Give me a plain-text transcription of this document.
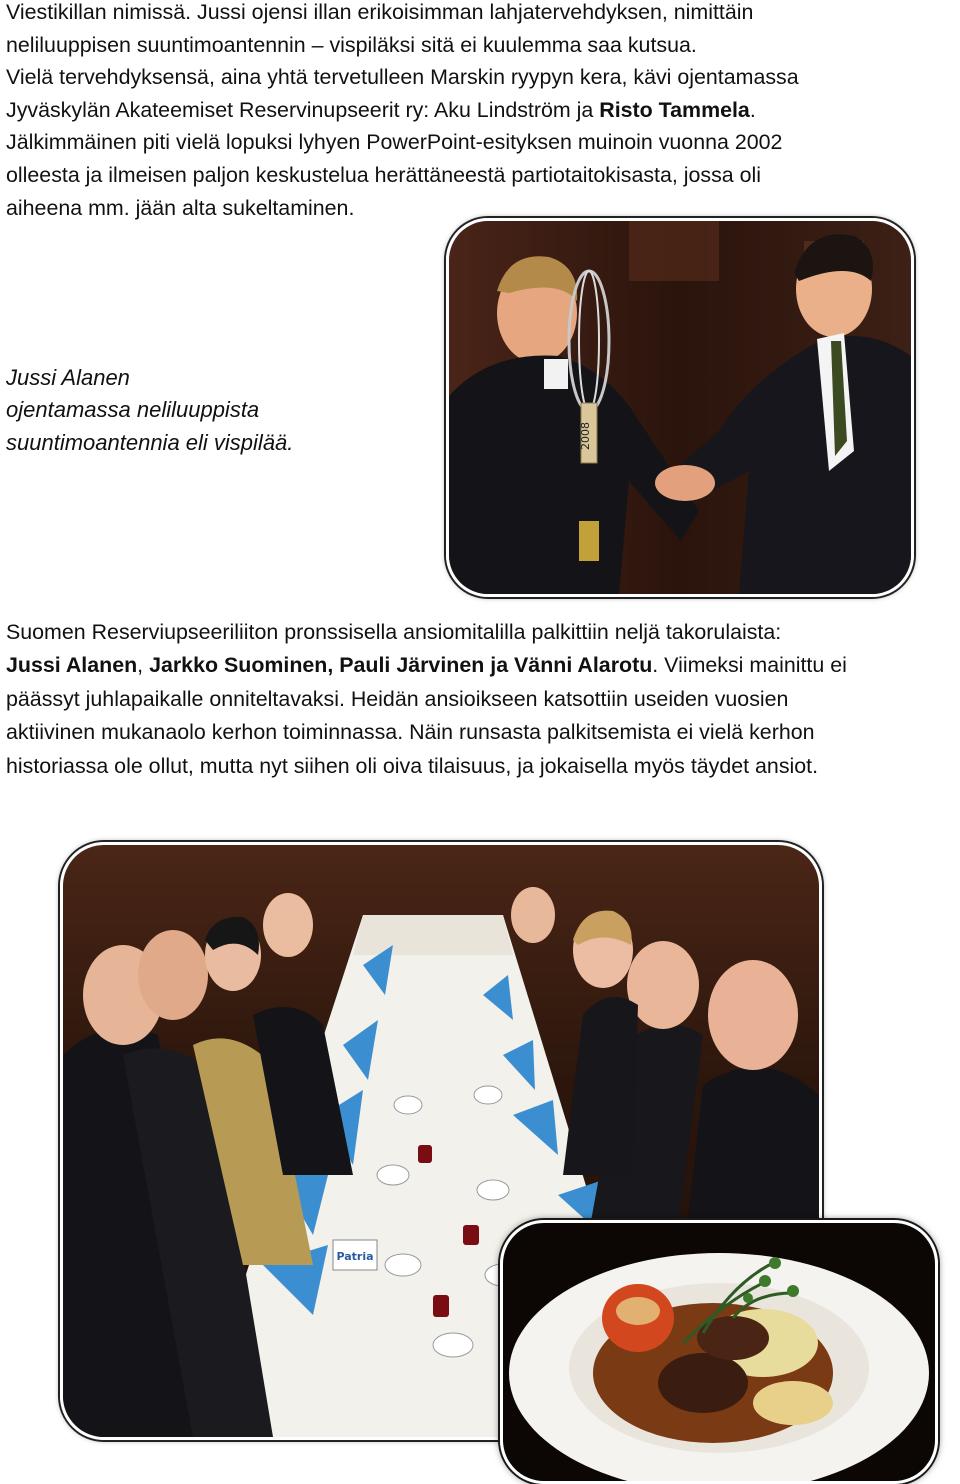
Viestikillan nimissä. Jussi ojensi illan erikoisimman lahjatervehdyksen, nimittäin
neliluuppisen suuntimoantennin – vispiläksi sitä ei kuulemma saa kutsua.
Vielä tervehdyksensä, aina yhtä tervetulleen Marskin ryypyn kera, kävi ojentamassa
Jyväskylän Akateemiset Reservinupseerit ry: Aku Lindström ja Risto Tammela.
Jälkimmäinen piti vielä lopuksi lyhyen PowerPoint-esityksen muinoin vuonna 2002
olleesta ja ilmeisen paljon keskustelua herättäneestä partiotaitokisasta, jossa oli
aiheena mm. jään alta sukeltaminen.

Jussi Alanen
ojentamassa neliluuppista
suuntimoantennia eli vispilää.	2008

Suomen Reserviupseeriliiton pronssisella ansiomitalilla palkittiin neljä takorulaista:
Jussi Alanen, Jarkko Suominen, Pauli Järvinen ja Vänni Alarotu. Viimeksi mainittu ei
päässyt juhlapaikalle onniteltavaksi. Heidän ansioikseen katsottiin useiden vuosien
aktiivinen mukanaolo kerhon toiminnassa. Näin runsasta palkitsemista ei vielä kerhon
historiassa ole ollut, mutta nyt siihen oli oiva tilaisuus, ja jokaisella myös täydet ansiot.

Patria
